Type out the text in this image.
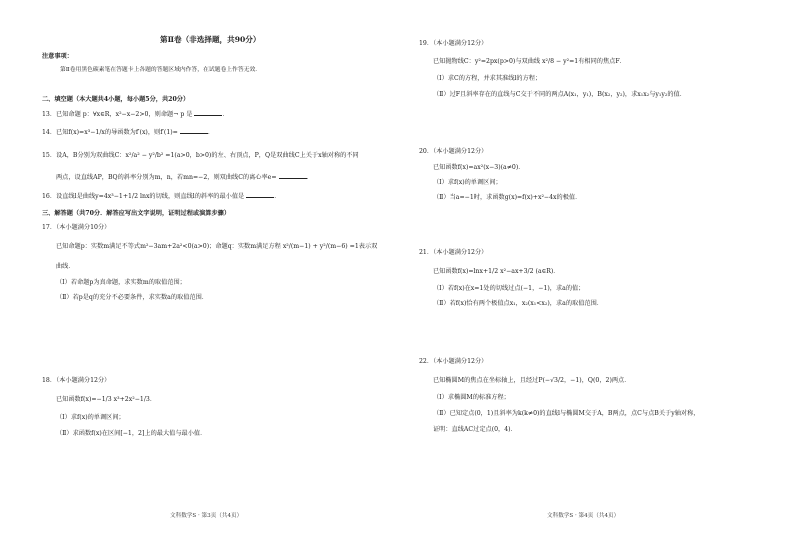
第Ⅱ卷（非选择题，共90分）
注意事项：
第Ⅱ卷用黑色碳素笔在答题卡上各题的答题区域内作答，在试题卷上作答无效．
二、填空题（本大题共4小题，每小题5分，共20分）
13．已知命题 p：∀x∈R，x²−x−2>0，则命题¬ p 是	．
14．已知f(x)=x³−1/x的导函数为f′(x)，则f′(1)=	．
15．设A，B分别为双曲线C：x²/a² − y²/b² =1(a>0，b>0)的左、右顶点，P，Q是双曲线C上关于x轴对称的不同
两点，设直线AP，BQ的斜率分别为m，n，若mn=−2，则双曲线C的离心率e=	．
16．设直线l是曲线y=4x³−1+1/2 lnx的切线，则直线l的斜率的最小值是	．
三、解答题（共70分．解答应写出文字说明，证明过程或演算步骤）
17．（本小题满分10分）
已知命题p：实数m满足不等式m²−3am+2a²<0(a>0)；命题q：实数m满足方程 x²/(m−1) + y²/(m−6) =1表示双
曲线．
（Ⅰ）若命题p为真命题，求实数m的取值范围；
（Ⅱ）若p是q的充分不必要条件，求实数a的取值范围．
18．（本小题满分12分）
已知函数f(x)=−1/3 x³+2x²−1/3．
（Ⅰ）求f(x)的单调区间；
（Ⅱ）求函数f(x)在区间[−1，2]上的最大值与最小值．
文科数学S · 第3页（共4页）
19．（本小题满分12分）
已知抛物线C：y²=2px(p>0)与双曲线 x²/8 − y²=1有相同的焦点F．
（Ⅰ）求C的方程，并求其准线l的方程；
（Ⅱ）过F且斜率存在的直线与C交于不同的两点A(x₁，y₁)，B(x₂，y₂)，求x₁x₂与y₁y₂的值．
20．（本小题满分12分）
已知函数f(x)=ax²(x−3)(a≠0)．
（Ⅰ）求f(x)的单调区间；
（Ⅱ）当a=−1时，求函数g(x)=f(x)+x²−4x的极值．
21．（本小题满分12分）
已知函数f(x)=lnx+1/2 x²−ax+3/2 (a∈R)．
（Ⅰ）若f(x)在x=1处的切线过点(−1，−1)，求a的值；
（Ⅱ）若f(x)恰有两个极值点x₁，x₂(x₁<x₂)，求a的取值范围．
22．（本小题满分12分）
已知椭圆M的焦点在坐标轴上，且经过P(−√3/2，−1)，Q(0，2)两点．
（Ⅰ）求椭圆M的标准方程；
（Ⅱ）已知定点(0，1)且斜率为k(k≠0)的直线l与椭圆M交于A，B两点，点C与点B关于y轴对称，
证明：直线AC过定点(0，4)．
文科数学S · 第4页（共4页）
